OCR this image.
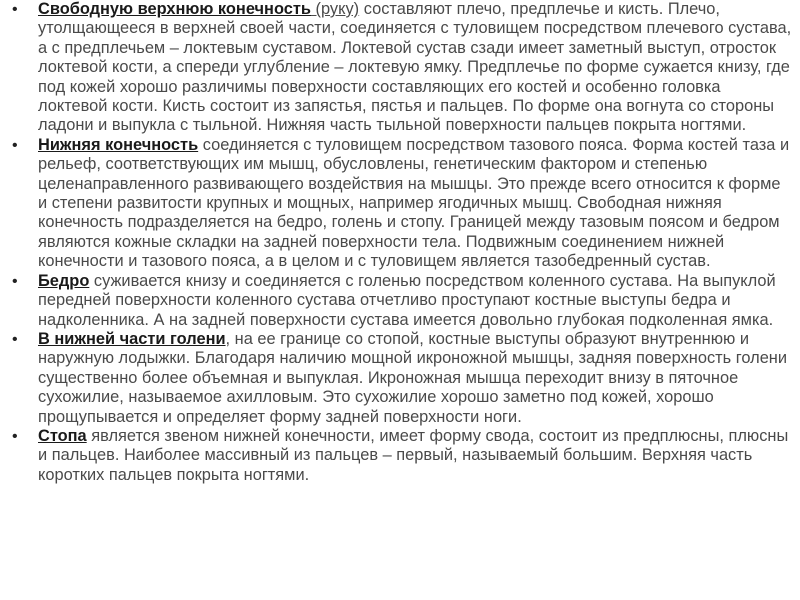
• Свободную верхнюю конечность (руку) составляют плечо, предплечье и кисть. Плечо, утолщающееся в верхней своей части, соединяется с туловищем посредством плечевого сустава, а с предплечьем – локтевым суставом. Локтевой сустав сзади имеет заметный выступ, отросток локтевой кости, а спереди углубление – локтевую ямку. Предплечье по форме сужается книзу, где под кожей хорошо различимы поверхности составляющих его костей и особенно головка локтевой кости. Кисть состоит из запястья, пястья и пальцев. По форме она вогнута со стороны ладони и выпукла с тыльной. Нижняя часть тыльной поверхности пальцев покрыта ногтями.
• Нижняя конечность соединяется с туловищем посредством тазового пояса. Форма костей таза и рельеф, соответствующих им мышц, обусловлены, генетическим фактором и степенью целенаправленного развивающего воздействия на мышцы. Это прежде всего относится к форме и степени развитости крупных и мощных, например ягодичных мышц. Свободная нижняя конечность подразделяется на бедро, голень и стопу. Границей между тазовым поясом и бедром являются кожные складки на задней поверхности тела. Подвижным соединением нижней конечности и тазового пояса, а в целом и с туловищем является тазобедренный сустав.
• Бедро суживается книзу и соединяется с голенью посредством коленного сустава. На выпуклой передней поверхности коленного сустава отчетливо проступают костные выступы бедра и надколенника. А на задней поверхности сустава имеется довольно глубокая подколенная ямка.
• В нижней части голени, на ее границе со стопой, костные выступы образуют внутреннюю и наружную лодыжки. Благодаря наличию мощной икроножной мышцы, задняя поверхность голени существенно более объемная и выпуклая. Икроножная мышца переходит внизу в пяточное сухожилие, называемое ахилловым. Это сухожилие хорошо заметно под кожей, хорошо прощупывается и определяет форму задней поверхности ноги.
• Стопа является звеном нижней конечности, имеет форму свода, состоит из предплюсны, плюсны и пальцев. Наиболее массивный из пальцев – первый, называемый большим. Верхняя часть коротких пальцев покрыта ногтями.
